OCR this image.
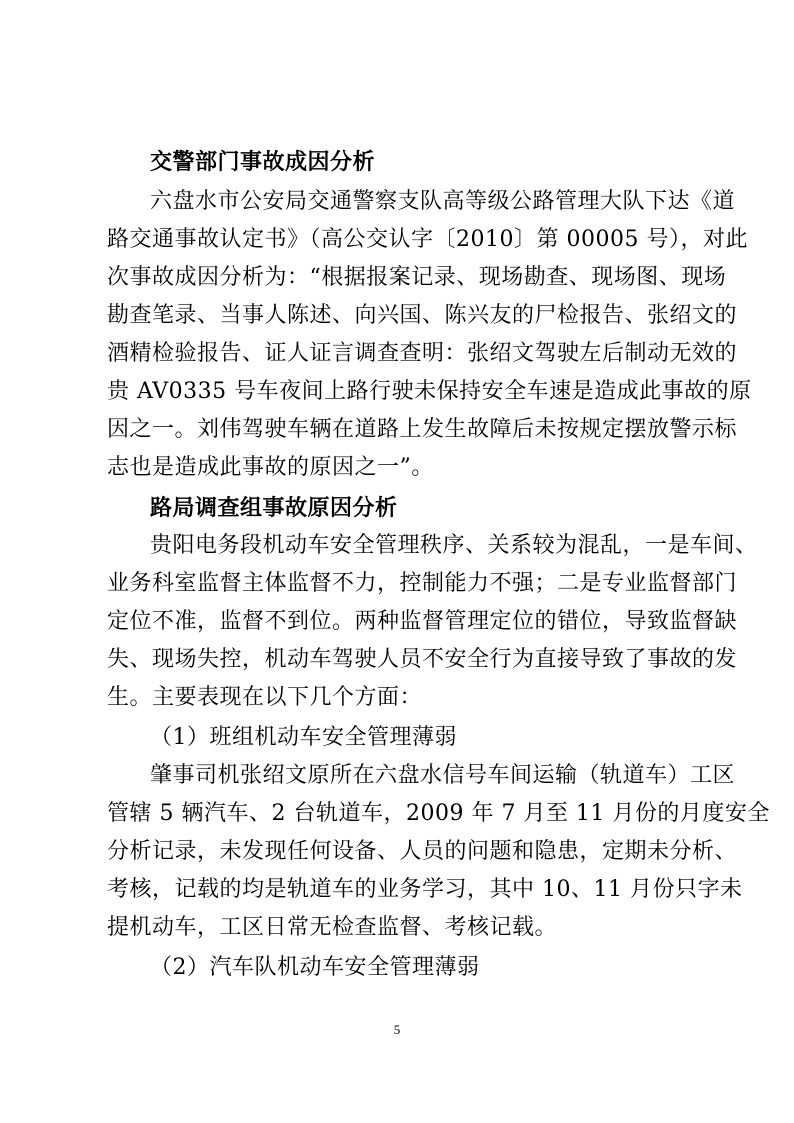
交警部门事故成因分析
六盘水市公安局交通警察支队高等级公路管理大队下达《道
路交通事故认定书》（高公交认字〔2010〕第 00005 号），对此
次事故成因分析为：“根据报案记录、现场勘查、现场图、现场
勘查笔录、当事人陈述、向兴国、陈兴友的尸检报告、张绍文的
酒精检验报告、证人证言调查查明：张绍文驾驶左后制动无效的
贵 AV0335 号车夜间上路行驶未保持安全车速是造成此事故的原
因之一。刘伟驾驶车辆在道路上发生故障后未按规定摆放警示标
志也是造成此事故的原因之一”。
路局调查组事故原因分析
贵阳电务段机动车安全管理秩序、关系较为混乱，一是车间、
业务科室监督主体监督不力，控制能力不强；二是专业监督部门
定位不准，监督不到位。两种监督管理定位的错位，导致监督缺
失、现场失控，机动车驾驶人员不安全行为直接导致了事故的发
生。主要表现在以下几个方面：
（1）班组机动车安全管理薄弱
肇事司机张绍文原所在六盘水信号车间运输（轨道车）工区
管辖 5 辆汽车、2 台轨道车，2009 年 7 月至 11 月份的月度安全
分析记录，未发现任何设备、人员的问题和隐患，定期未分析、
考核，记载的均是轨道车的业务学习，其中 10、11 月份只字未
提机动车，工区日常无检查监督、考核记载。
（2）汽车队机动车安全管理薄弱
5
